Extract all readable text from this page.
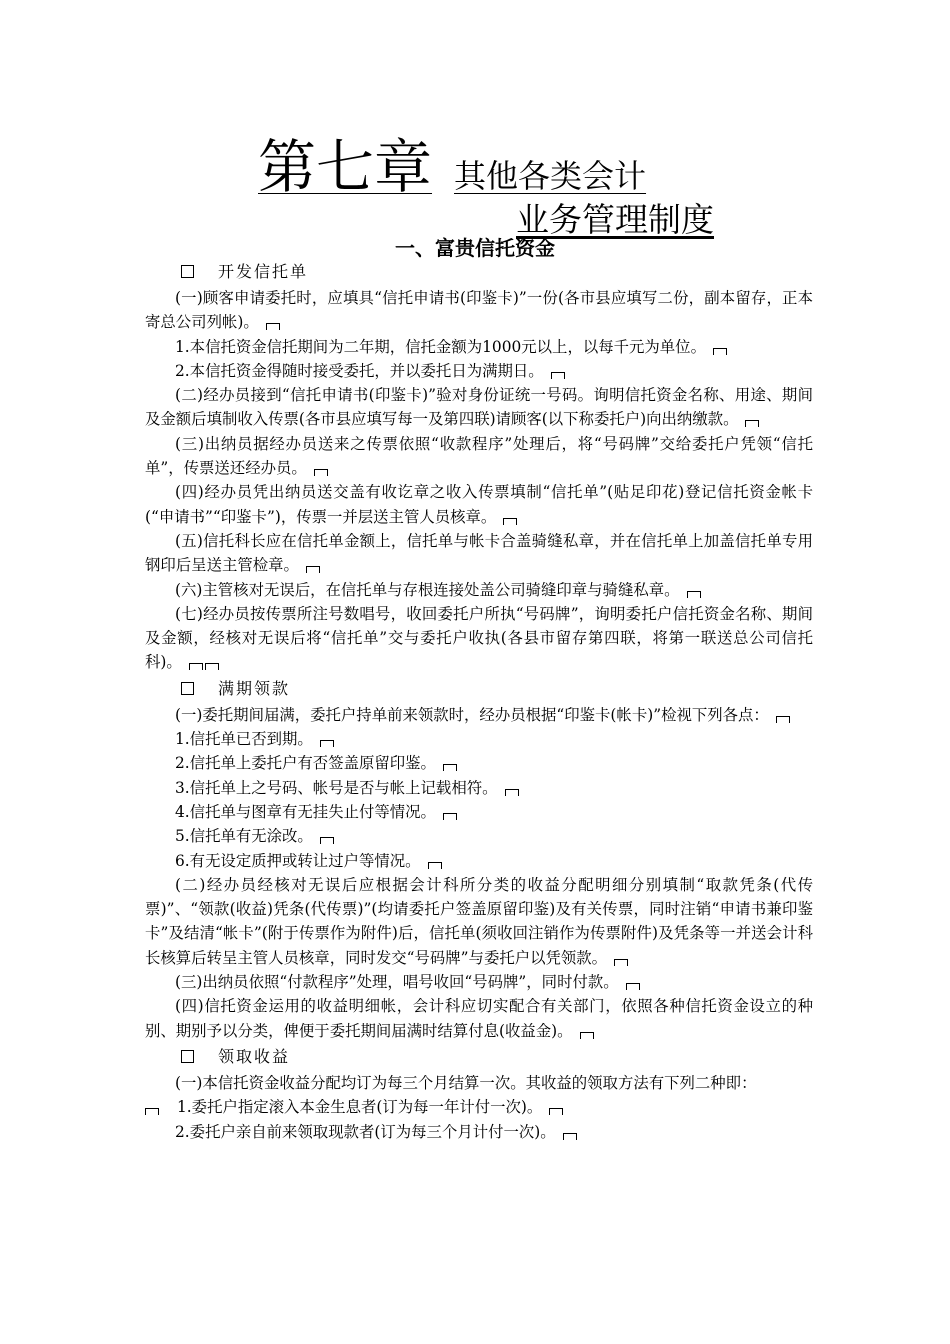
第七章 其他各类会计
业务管理制度
一、富贵信托资金

开发信托单

(一)顾客申请委托时，应填具“信托申请书(印鉴卡)”一份(各市县应填写二份，副本留存，正本寄总公司列帐)。

1.本信托资金信托期间为二年期，信托金额为1000元以上，以每千元为单位。

2.本信托资金得随时接受委托，并以委托日为满期日。

(二)经办员接到“信托申请书(印鉴卡)”验对身份证统一号码。询明信托资金名称、用途、期间及金额后填制收入传票(各市县应填写每一及第四联)请顾客(以下称委托户)向出纳缴款。

(三)出纳员据经办员送来之传票依照“收款程序”处理后，将“号码牌”交给委托户凭领“信托单”，传票送还经办员。

(四)经办员凭出纳员送交盖有收讫章之收入传票填制“信托单”(贴足印花)登记信托资金帐卡(“申请书”“印鉴卡”)，传票一并层送主管人员核章。

(五)信托科长应在信托单金额上，信托单与帐卡合盖骑缝私章，并在信托单上加盖信托单专用钢印后呈送主管检章。

(六)主管核对无误后，在信托单与存根连接处盖公司骑缝印章与骑缝私章。

(七)经办员按传票所注号数唱号，收回委托户所执“号码牌”，询明委托户信托资金名称、期间及金额，经核对无误后将“信托单”交与委托户收执(各县市留存第四联，将第一联送总公司信托科)。

满期领款

(一)委托期间届满，委托户持单前来领款时，经办员根据“印鉴卡(帐卡)”检视下列各点：

1.信托单已否到期。

2.信托单上委托户有否签盖原留印鉴。

3.信托单上之号码、帐号是否与帐上记载相符。

4.信托单与图章有无挂失止付等情况。

5.信托单有无涂改。

6.有无设定质押或转让过户等情况。

(二)经办员经核对无误后应根据会计科所分类的收益分配明细分别填制“取款凭条(代传票)”、“领款(收益)凭条(代传票)”(均请委托户签盖原留印鉴)及有关传票，同时注销“申请书兼印鉴卡”及结清“帐卡”(附于传票作为附件)后，信托单(须收回注销作为传票附件)及凭条等一并送会计科长核算后转呈主管人员核章，同时发交“号码牌”与委托户以凭领款。

(三)出纳员依照“付款程序”处理，唱号收回“号码牌”，同时付款。

(四)信托资金运用的收益明细帐，会计科应切实配合有关部门，依照各种信托资金设立的种别、期别予以分类，俾便于委托期间届满时结算付息(收益金)。

领取收益

(一)本信托资金收益分配均订为每三个月结算一次。其收益的领取方法有下列二种即：

1.委托户指定滚入本金生息者(订为每一年计付一次)。

2.委托户亲自前来领取现款者(订为每三个月计付一次)。
